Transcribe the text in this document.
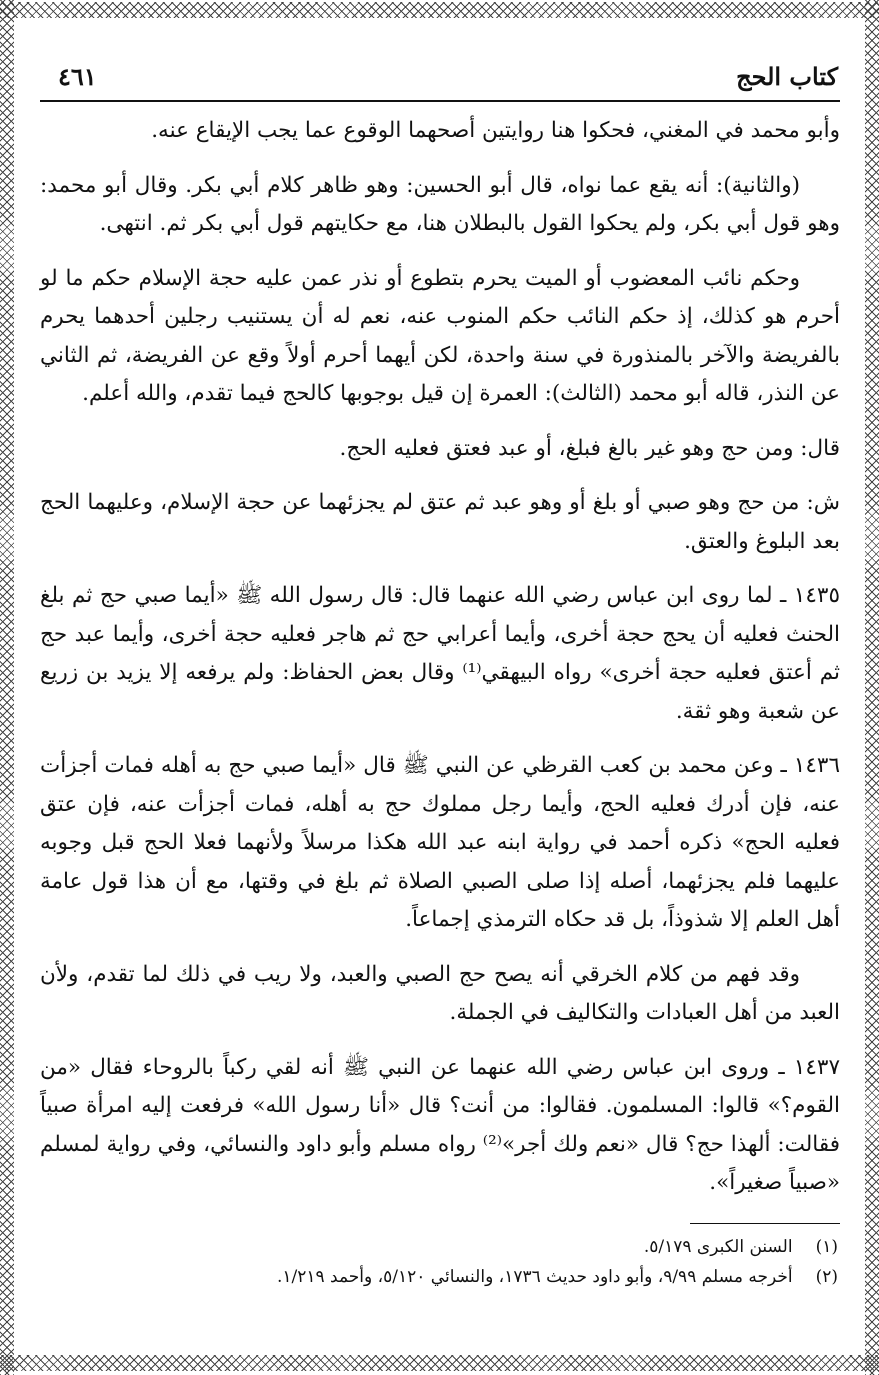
كتاب الحج
٤٦١

وأبو محمد في المغني، فحكوا هنا روايتين أصحهما الوقوع عما يجب الإيقاع عنه.

(والثانية): أنه يقع عما نواه، قال أبو الحسين: وهو ظاهر كلام أبي بكر. وقال أبو محمد: وهو قول أبي بكر، ولم يحكوا القول بالبطلان هنا، مع حكايتهم قول أبي بكر ثم. انتهى.

وحكم نائب المعضوب أو الميت يحرم بتطوع أو نذر عمن عليه حجة الإسلام حكم ما لو أحرم هو كذلك، إذ حكم النائب حكم المنوب عنه، نعم له أن يستنيب رجلين أحدهما يحرم بالفريضة والآخر بالمنذورة في سنة واحدة، لكن أيهما أحرم أولاً وقع عن الفريضة، ثم الثاني عن النذر، قاله أبو محمد (الثالث): العمرة إن قيل بوجوبها كالحج فيما تقدم، والله أعلم.

قال: ومن حج وهو غير بالغ فبلغ، أو عبد فعتق فعليه الحج.

ش: من حج وهو صبي أو بلغ أو وهو عبد ثم عتق لم يجزئهما عن حجة الإسلام، وعليهما الحج بعد البلوغ والعتق.

١٤٣٥ ـ لما روى ابن عباس رضي الله عنهما قال: قال رسول الله ﷺ «أيما صبي حج ثم بلغ الحنث فعليه أن يحج حجة أخرى، وأيما أعرابي حج ثم هاجر فعليه حجة أخرى، وأيما عبد حج ثم أعتق فعليه حجة أخرى» رواه البيهقي⁽¹⁾ وقال بعض الحفاظ: ولم يرفعه إلا يزيد بن زريع عن شعبة وهو ثقة.

١٤٣٦ ـ وعن محمد بن كعب القرظي عن النبي ﷺ قال «أيما صبي حج به أهله فمات أجزأت عنه، فإن أدرك فعليه الحج، وأيما رجل مملوك حج به أهله، فمات أجزأت عنه، فإن عتق فعليه الحج» ذكره أحمد في رواية ابنه عبد الله هكذا مرسلاً ولأنهما فعلا الحج قبل وجوبه عليهما فلم يجزئهما، أصله إذا صلى الصبي الصلاة ثم بلغ في وقتها، مع أن هذا قول عامة أهل العلم إلا شذوذاً، بل قد حكاه الترمذي إجماعاً.

وقد فهم من كلام الخرقي أنه يصح حج الصبي والعبد، ولا ريب في ذلك لما تقدم، ولأن العبد من أهل العبادات والتكاليف في الجملة.

١٤٣٧ ـ وروى ابن عباس رضي الله عنهما عن النبي ﷺ أنه لقي ركباً بالروحاء فقال «من القوم؟» قالوا: المسلمون. فقالوا: من أنت؟ قال «أنا رسول الله» فرفعت إليه امرأة صبياً فقالت: ألهذا حج؟ قال «نعم ولك أجر»⁽²⁾ رواه مسلم وأبو داود والنسائي، وفي رواية لمسلم «صبياً صغيراً».

(١) السنن الكبرى ٥/١٧٩.

(٢) أخرجه مسلم ٩/٩٩، وأبو داود حديث ١٧٣٦، والنسائي ٥/١٢٠، وأحمد ١/٢١٩.
